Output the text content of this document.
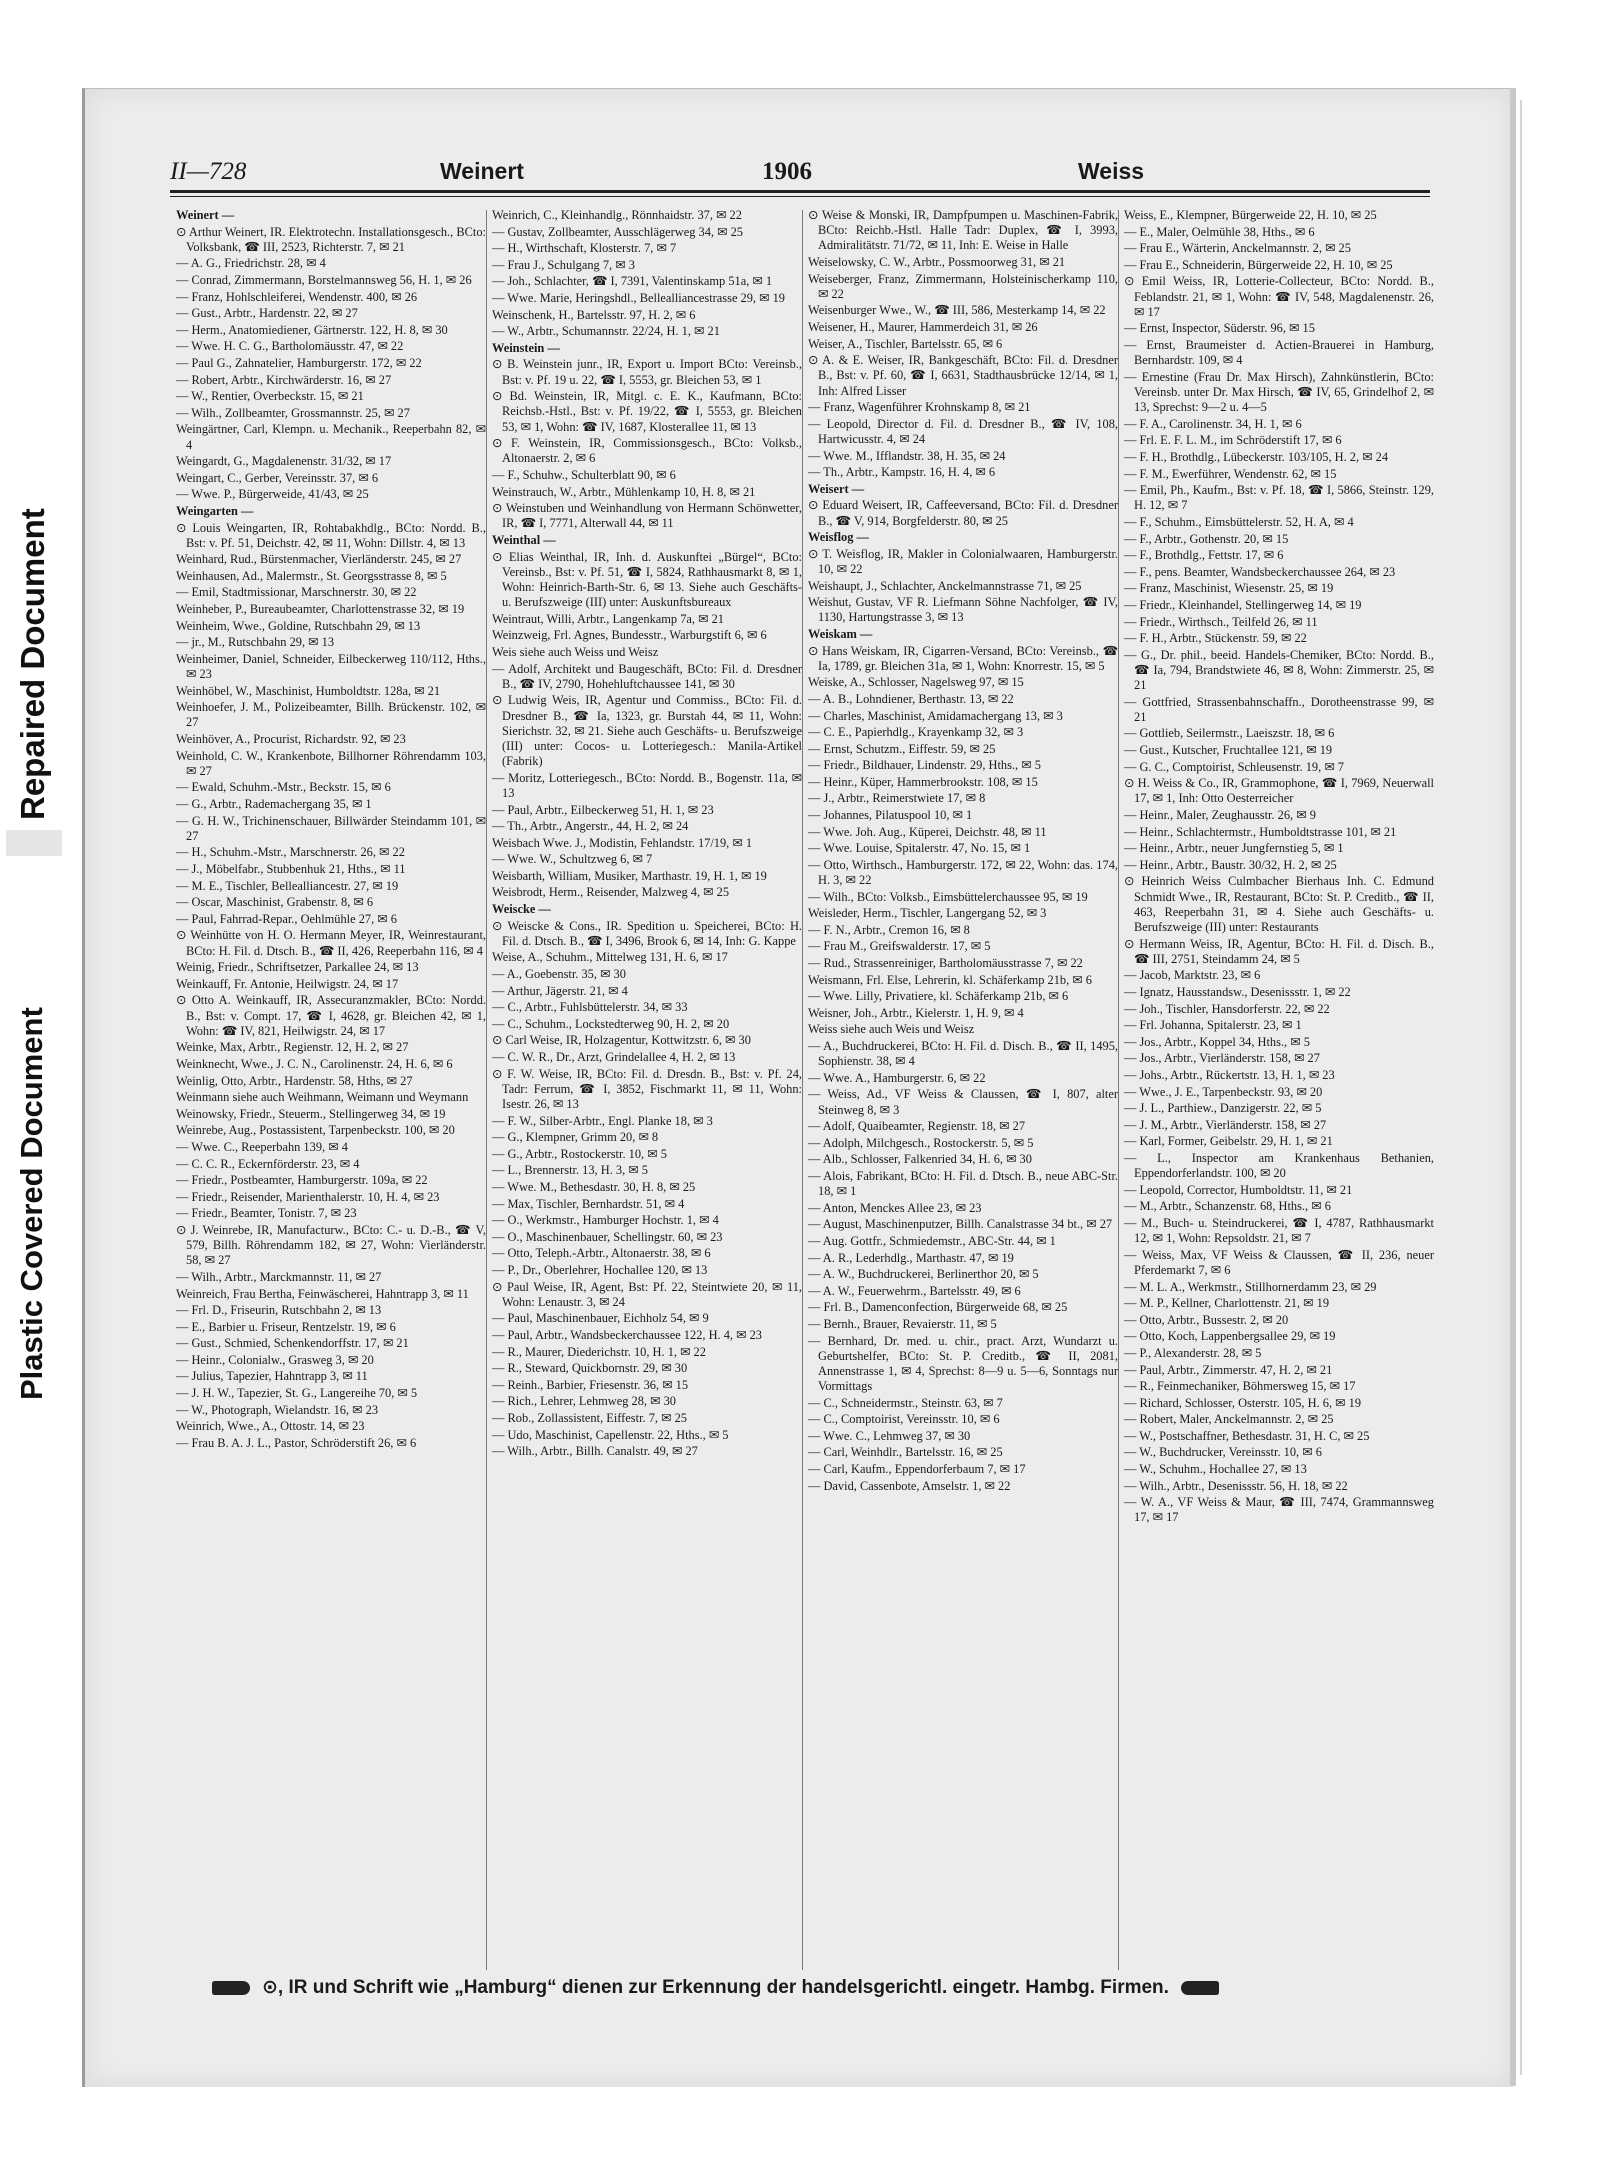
Repaired Document
Plastic Covered Document
II—728	Weinert	1906	Weiss
Weinert —
⊙ Arthur Weinert, IR. Elektrotechn. Installationsgesch., BCto: Volksbank, ☎ III, 2523, Richterstr. 7, ✉ 21
— A. G., Friedrichstr. 28, ✉ 4
— Conrad, Zimmermann, Borstelmannsweg 56, H. 1, ✉ 26
— Franz, Hohlschleiferei, Wendenstr. 400, ✉ 26
— Gust., Arbtr., Hardenstr. 22, ✉ 27
— Herm., Anatomiediener, Gärtnerstr. 122, H. 8, ✉ 30
— Wwe. H. C. G., Bartholomäusstr. 47, ✉ 22
— Paul G., Zahnatelier, Hamburgerstr. 172, ✉ 22
— Robert, Arbtr., Kirchwärderstr. 16, ✉ 27
— W., Rentier, Overbeckstr. 15, ✉ 21
— Wilh., Zollbeamter, Grossmannstr. 25, ✉ 27
Weingärtner, Carl, Klempn. u. Mechanik., Reeperbahn 82, ✉ 4
Weingardt, G., Magdalenenstr. 31/32, ✉ 17
Weingart, C., Gerber, Vereinsstr. 37, ✉ 6
— Wwe. P., Bürgerweide, 41/43, ✉ 25
Weingarten —
⊙ Louis Weingarten, IR, Rohtabakhdlg., BCto: Nordd. B., Bst: v. Pf. 51, Deichstr. 42, ✉ 11, Wohn: Dillstr. 4, ✉ 13
Weinhard, Rud., Bürstenmacher, Vierländerstr. 245, ✉ 27
Weinhausen, Ad., Malermstr., St. Georgsstrasse 8, ✉ 5
— Emil, Stadtmissionar, Marschnerstr. 30, ✉ 22
Weinheber, P., Bureaubeamter, Charlottenstrasse 32, ✉ 19
Weinheim, Wwe., Goldine, Rutschbahn 29, ✉ 13
— jr., M., Rutschbahn 29, ✉ 13
Weinheimer, Daniel, Schneider, Eilbeckerweg 110/112, Hths., ✉ 23
Weinhöbel, W., Maschinist, Humboldtstr. 128a, ✉ 21
Weinhoefer, J. M., Polizeibeamter, Billh. Brückenstr. 102, ✉ 27
Weinhöver, A., Procurist, Richardstr. 92, ✉ 23
Weinhold, C. W., Krankenbote, Billhorner Röhrendamm 103, ✉ 27
— Ewald, Schuhm.-Mstr., Beckstr. 15, ✉ 6
— G., Arbtr., Rademachergang 35, ✉ 1
— G. H. W., Trichinenschauer, Billwärder Steindamm 101, ✉ 27
— H., Schuhm.-Mstr., Marschnerstr. 26, ✉ 22
— J., Möbelfabr., Stubbenhuk 21, Hths., ✉ 11
— M. E., Tischler, Bellealliancestr. 27, ✉ 19
— Oscar, Maschinist, Grabenstr. 8, ✉ 6
— Paul, Fahrrad-Repar., Oehlmühle 27, ✉ 6
⊙ Weinhütte von H. O. Hermann Meyer, IR, Weinrestaurant, BCto: H. Fil. d. Dtsch. B., ☎ II, 426, Reeperbahn 116, ✉ 4
Weinig, Friedr., Schriftsetzer, Parkallee 24, ✉ 13
Weinkauff, Fr. Antonie, Heilwigstr. 24, ✉ 17
⊙ Otto A. Weinkauff, IR, Assecuranzmakler, BCto: Nordd. B., Bst: v. Compt. 17, ☎ I, 4628, gr. Bleichen 42, ✉ 1, Wohn: ☎ IV, 821, Heilwigstr. 24, ✉ 17
Weinke, Max, Arbtr., Regienstr. 12, H. 2, ✉ 27
Weinknecht, Wwe., J. C. N., Carolinenstr. 24, H. 6, ✉ 6
Weinlig, Otto, Arbtr., Hardenstr. 58, Hths, ✉ 27
Weinmann siehe auch Weihmann, Weimann und Weymann
Weinowsky, Friedr., Steuerm., Stellingerweg 34, ✉ 19
Weinrebe, Aug., Postassistent, Tarpenbeckstr. 100, ✉ 20
— Wwe. C., Reeperbahn 139, ✉ 4
— C. C. R., Eckernförderstr. 23, ✉ 4
— Friedr., Postbeamter, Hamburgerstr. 109a, ✉ 22
— Friedr., Reisender, Marienthalerstr. 10, H. 4, ✉ 23
— Friedr., Beamter, Tonistr. 7, ✉ 23
⊙ J. Weinrebe, IR, Manufacturw., BCto: C.- u. D.-B., ☎ V, 579, Billh. Röhrendamm 182, ✉ 27, Wohn: Vierländerstr. 58, ✉ 27
— Wilh., Arbtr., Marckmannstr. 11, ✉ 27
Weinreich, Frau Bertha, Feinwäscherei, Hahntrapp 3, ✉ 11
— Frl. D., Friseurin, Rutschbahn 2, ✉ 13
— E., Barbier u. Friseur, Rentzelstr. 19, ✉ 6
— Gust., Schmied, Schenkendorffstr. 17, ✉ 21
— Heinr., Colonialw., Grasweg 3, ✉ 20
— Julius, Tapezier, Hahntrapp 3, ✉ 11
— J. H. W., Tapezier, St. G., Langereihe 70, ✉ 5
— W., Photograph, Wielandstr. 16, ✉ 23
Weinrich, Wwe., A., Ottostr. 14, ✉ 23
— Frau B. A. J. L., Pastor, Schröderstift 26, ✉ 6
Weinrich, C., Kleinhandlg., Rönnhaidstr. 37, ✉ 22
— Gustav, Zollbeamter, Ausschlägerweg 34, ✉ 25
— H., Wirthschaft, Klosterstr. 7, ✉ 7
— Frau J., Schulgang 7, ✉ 3
— Joh., Schlachter, ☎ I, 7391, Valentinskamp 51a, ✉ 1
— Wwe. Marie, Heringshdl., Bellealliancestrasse 29, ✉ 19
Weinschenk, H., Bartelsstr. 97, H. 2, ✉ 6
— W., Arbtr., Schumannstr. 22/24, H. 1, ✉ 21
Weinstein —
⊙ B. Weinstein junr., IR, Export u. Import BCto: Vereinsb., Bst: v. Pf. 19 u. 22, ☎ I, 5553, gr. Bleichen 53, ✉ 1
⊙ Bd. Weinstein, IR, Mitgl. c. E. K., Kaufmann, BCto: Reichsb.-Hstl., Bst: v. Pf. 19/22, ☎ I, 5553, gr. Bleichen 53, ✉ 1, Wohn: ☎ IV, 1687, Klosterallee 11, ✉ 13
⊙ F. Weinstein, IR, Commissionsgesch., BCto: Volksb., Altonaerstr. 2, ✉ 6
— F., Schuhw., Schulterblatt 90, ✉ 6
Weinstrauch, W., Arbtr., Mühlenkamp 10, H. 8, ✉ 21
⊙ Weinstuben und Weinhandlung von Hermann Schönwetter, IR, ☎ I, 7771, Alterwall 44, ✉ 11
Weinthal —
⊙ Elias Weinthal, IR, Inh. d. Auskunftei „Bürgel“, BCto: Vereinsb., Bst: v. Pf. 51, ☎ I, 5824, Rathhausmarkt 8, ✉ 1, Wohn: Heinrich-Barth-Str. 6, ✉ 13. Siehe auch Geschäfts- u. Berufszweige (III) unter: Auskunftsbureaux
Weintraut, Willi, Arbtr., Langenkamp 7a, ✉ 21
Weinzweig, Frl. Agnes, Bundesstr., Warburgstift 6, ✉ 6
Weis siehe auch Weiss und Weisz
— Adolf, Architekt und Baugeschäft, BCto: Fil. d. Dresdner B., ☎ IV, 2790, Hohehluftchaussee 141, ✉ 30
⊙ Ludwig Weis, IR, Agentur und Commiss., BCto: Fil. d. Dresdner B., ☎ Ia, 1323, gr. Burstah 44, ✉ 11, Wohn: Sierichstr. 32, ✉ 21. Siehe auch Geschäfts- u. Berufszweige (III) unter: Cocos- u. Lotteriegesch.: Manila-Artikel (Fabrik)
— Moritz, Lotteriegesch., BCto: Nordd. B., Bogenstr. 11a, ✉ 13
— Paul, Arbtr., Eilbeckerweg 51, H. 1, ✉ 23
— Th., Arbtr., Angerstr., 44, H. 2, ✉ 24
Weisbach Wwe. J., Modistin, Fehlandstr. 17/19, ✉ 1
— Wwe. W., Schultzweg 6, ✉ 7
Weisbarth, William, Musiker, Marthastr. 19, H. 1, ✉ 19
Weisbrodt, Herm., Reisender, Malzweg 4, ✉ 25
Weiscke —
⊙ Weiscke & Cons., IR. Spedition u. Speicherei, BCto: H. Fil. d. Dtsch. B., ☎ I, 3496, Brook 6, ✉ 14, Inh: G. Kappe
Weise, A., Schuhm., Mittelweg 131, H. 6, ✉ 17
— A., Goebenstr. 35, ✉ 30
— Arthur, Jägerstr. 21, ✉ 4
— C., Arbtr., Fuhlsbüttelerstr. 34, ✉ 33
— C., Schuhm., Lockstedterweg 90, H. 2, ✉ 20
⊙ Carl Weise, IR, Holzagentur, Kottwitzstr. 6, ✉ 30
— C. W. R., Dr., Arzt, Grindelallee 4, H. 2, ✉ 13
⊙ F. W. Weise, IR, BCto: Fil. d. Dresdn. B., Bst: v. Pf. 24, Tadr: Ferrum, ☎ I, 3852, Fischmarkt 11, ✉ 11, Wohn: Isestr. 26, ✉ 13
— F. W., Silber-Arbtr., Engl. Planke 18, ✉ 3
— G., Klempner, Grimm 20, ✉ 8
— G., Arbtr., Rostockerstr. 10, ✉ 5
— L., Brennerstr. 13, H. 3, ✉ 5
— Wwe. M., Bethesdastr. 30, H. 8, ✉ 25
— Max, Tischler, Bernhardstr. 51, ✉ 4
— O., Werkmstr., Hamburger Hochstr. 1, ✉ 4
— O., Maschinenbauer, Schellingstr. 60, ✉ 23
— Otto, Teleph.-Arbtr., Altonaerstr. 38, ✉ 6
— P., Dr., Oberlehrer, Hochallee 120, ✉ 13
⊙ Paul Weise, IR, Agent, Bst: Pf. 22, Steintwiete 20, ✉ 11, Wohn: Lenaustr. 3, ✉ 24
— Paul, Maschinenbauer, Eichholz 54, ✉ 9
— Paul, Arbtr., Wandsbeckerchaussee 122, H. 4, ✉ 23
— R., Maurer, Diederichstr. 10, H. 1, ✉ 22
— R., Steward, Quickbornstr. 29, ✉ 30
— Reinh., Barbier, Friesenstr. 36, ✉ 15
— Rich., Lehrer, Lehmweg 28, ✉ 30
— Rob., Zollassistent, Eiffestr. 7, ✉ 25
— Udo, Maschinist, Capellenstr. 22, Hths., ✉ 5
— Wilh., Arbtr., Billh. Canalstr. 49, ✉ 27
⊙ Weise & Monski, IR, Dampfpumpen u. Maschinen-Fabrik, BCto: Reichb.-Hstl. Halle Tadr: Duplex, ☎ I, 3993, Admiralitätstr. 71/72, ✉ 11, Inh: E. Weise in Halle
Weiselowsky, C. W., Arbtr., Possmoorweg 31, ✉ 21
Weiseberger, Franz, Zimmermann, Holsteinischerkamp 110, ✉ 22
Weisenburger Wwe., W., ☎ III, 586, Mesterkamp 14, ✉ 22
Weisener, H., Maurer, Hammerdeich 31, ✉ 26
Weiser, A., Tischler, Bartelsstr. 65, ✉ 6
⊙ A. & E. Weiser, IR, Bankgeschäft, BCto: Fil. d. Dresdner B., Bst: v. Pf. 60, ☎ I, 6631, Stadthausbrücke 12/14, ✉ 1, Inh: Alfred Lisser
— Franz, Wagenführer Krohnskamp 8, ✉ 21
— Leopold, Director d. Fil. d. Dresdner B., ☎ IV, 108, Hartwicusstr. 4, ✉ 24
— Wwe. M., Ifflandstr. 38, H. 35, ✉ 24
— Th., Arbtr., Kampstr. 16, H. 4, ✉ 6
Weisert —
⊙ Eduard Weisert, IR, Caffeeversand, BCto: Fil. d. Dresdner B., ☎ V, 914, Borgfelderstr. 80, ✉ 25
Weisflog —
⊙ T. Weisflog, IR, Makler in Colonialwaaren, Hamburgerstr. 10, ✉ 22
Weishaupt, J., Schlachter, Anckelmannstrasse 71, ✉ 25
Weishut, Gustav, VF R. Liefmann Söhne Nachfolger, ☎ IV, 1130, Hartungstrasse 3, ✉ 13
Weiskam —
⊙ Hans Weiskam, IR, Cigarren-Versand, BCto: Vereinsb., ☎ Ia, 1789, gr. Bleichen 31a, ✉ 1, Wohn: Knorrestr. 15, ✉ 5
Weiske, A., Schlosser, Nagelsweg 97, ✉ 15
— A. B., Lohndiener, Berthastr. 13, ✉ 22
— Charles, Maschinist, Amidamachergang 13, ✉ 3
— C. E., Papierhdlg., Krayenkamp 32, ✉ 3
— Ernst, Schutzm., Eiffestr. 59, ✉ 25
— Friedr., Bildhauer, Lindenstr. 29, Hths., ✉ 5
— Heinr., Küper, Hammerbrookstr. 108, ✉ 15
— J., Arbtr., Reimerstwiete 17, ✉ 8
— Johannes, Pilatuspool 10, ✉ 1
— Wwe. Joh. Aug., Küperei, Deichstr. 48, ✉ 11
— Wwe. Louise, Spitalerstr. 47, No. 15, ✉ 1
— Otto, Wirthsch., Hamburgerstr. 172, ✉ 22, Wohn: das. 174, H. 3, ✉ 22
— Wilh., BCto: Volksb., Eimsbüttelerchaussee 95, ✉ 19
Weisleder, Herm., Tischler, Langergang 52, ✉ 3
— F. N., Arbtr., Cremon 16, ✉ 8
— Frau M., Greifswalderstr. 17, ✉ 5
— Rud., Strassenreiniger, Bartholomäusstrasse 7, ✉ 22
Weismann, Frl. Else, Lehrerin, kl. Schäferkamp 21b, ✉ 6
— Wwe. Lilly, Privatiere, kl. Schäferkamp 21b, ✉ 6
Weisner, Joh., Arbtr., Kielerstr. 1, H. 9, ✉ 4
Weiss siehe auch Weis und Weisz
— A., Buchdruckerei, BCto: H. Fil. d. Disch. B., ☎ II, 1495, Sophienstr. 38, ✉ 4
— Wwe. A., Hamburgerstr. 6, ✉ 22
— Weiss, Ad., VF Weiss & Claussen, ☎ I, 807, alter Steinweg 8, ✉ 3
— Adolf, Quaibeamter, Regienstr. 18, ✉ 27
— Adolph, Milchgesch., Rostockerstr. 5, ✉ 5
— Alb., Schlosser, Falkenried 34, H. 6, ✉ 30
— Alois, Fabrikant, BCto: H. Fil. d. Dtsch. B., neue ABC-Str. 18, ✉ 1
— Anton, Menckes Allee 23, ✉ 23
— August, Maschinenputzer, Billh. Canalstrasse 34 bt., ✉ 27
— Aug. Gottfr., Schmiedemstr., ABC-Str. 44, ✉ 1
— A. R., Lederhdlg., Marthastr. 47, ✉ 19
— A. W., Buchdruckerei, Berlinerthor 20, ✉ 5
— A. W., Feuerwehrm., Bartelsstr. 49, ✉ 6
— Frl. B., Damenconfection, Bürgerweide 68, ✉ 25
— Bernh., Brauer, Revaierstr. 11, ✉ 5
— Bernhard, Dr. med. u. chir., pract. Arzt, Wundarzt u. Geburtshelfer, BCto: St. P. Creditb., ☎ II, 2081, Annenstrasse 1, ✉ 4, Sprechst: 8—9 u. 5—6, Sonntags nur Vormittags
— C., Schneidermstr., Steinstr. 63, ✉ 7
— C., Comptoirist, Vereinsstr. 10, ✉ 6
— Wwe. C., Lehmweg 37, ✉ 30
— Carl, Weinhdlr., Bartelsstr. 16, ✉ 25
— Carl, Kaufm., Eppendorferbaum 7, ✉ 17
— David, Cassenbote, Amselstr. 1, ✉ 22
Weiss, E., Klempner, Bürgerweide 22, H. 10, ✉ 25
— E., Maler, Oelmühle 38, Hths., ✉ 6
— Frau E., Wärterin, Anckelmannstr. 2, ✉ 25
— Frau E., Schneiderin, Bürgerweide 22, H. 10, ✉ 25
⊙ Emil Weiss, IR, Lotterie-Collecteur, BCto: Nordd. B., Feblandstr. 21, ✉ 1, Wohn: ☎ IV, 548, Magdalenenstr. 26, ✉ 17
— Ernst, Inspector, Süderstr. 96, ✉ 15
— Ernst, Braumeister d. Actien-Brauerei in Hamburg, Bernhardstr. 109, ✉ 4
— Ernestine (Frau Dr. Max Hirsch), Zahnkünstlerin, BCto: Vereinsb. unter Dr. Max Hirsch, ☎ IV, 65, Grindelhof 2, ✉ 13, Sprechst: 9—2 u. 4—5
— F. A., Carolinenstr. 34, H. 1, ✉ 6
— Frl. E. F. L. M., im Schröderstift 17, ✉ 6
— F. H., Brothdlg., Lübeckerstr. 103/105, H. 2, ✉ 24
— F. M., Ewerführer, Wendenstr. 62, ✉ 15
— Emil, Ph., Kaufm., Bst: v. Pf. 18, ☎ I, 5866, Steinstr. 129, H. 12, ✉ 7
— F., Schuhm., Eimsbüttelerstr. 52, H. A, ✉ 4
— F., Arbtr., Gothenstr. 20, ✉ 15
— F., Brothdlg., Fettstr. 17, ✉ 6
— F., pens. Beamter, Wandsbeckerchaussee 264, ✉ 23
— Franz, Maschinist, Wiesenstr. 25, ✉ 19
— Friedr., Kleinhandel, Stellingerweg 14, ✉ 19
— Friedr., Wirthsch., Teilfeld 26, ✉ 11
— F. H., Arbtr., Stückenstr. 59, ✉ 22
— G., Dr. phil., beeid. Handels-Chemiker, BCto: Nordd. B., ☎ Ia, 794, Brandstwiete 46, ✉ 8, Wohn: Zimmerstr. 25, ✉ 21
— Gottfried, Strassenbahnschaffn., Dorotheenstrasse 99, ✉ 21
— Gottlieb, Seilermstr., Laeiszstr. 18, ✉ 6
— Gust., Kutscher, Fruchtallee 121, ✉ 19
— G. C., Comptoirist, Schleusenstr. 19, ✉ 7
⊙ H. Weiss & Co., IR, Grammophone, ☎ I, 7969, Neuerwall 17, ✉ 1, Inh: Otto Oesterreicher
— Heinr., Maler, Zeughausstr. 26, ✉ 9
— Heinr., Schlachtermstr., Humboldtstrasse 101, ✉ 21
— Heinr., Arbtr., neuer Jungfernstieg 5, ✉ 1
— Heinr., Arbtr., Baustr. 30/32, H. 2, ✉ 25
⊙ Heinrich Weiss Culmbacher Bierhaus Inh. C. Edmund Schmidt Wwe., IR, Restaurant, BCto: St. P. Creditb., ☎ II, 463, Reeperbahn 31, ✉ 4. Siehe auch Geschäfts- u. Berufszweige (III) unter: Restaurants
⊙ Hermann Weiss, IR, Agentur, BCto: H. Fil. d. Disch. B., ☎ III, 2751, Steindamm 24, ✉ 5
— Jacob, Marktstr. 23, ✉ 6
— Ignatz, Hausstandsw., Desenissstr. 1, ✉ 22
— Joh., Tischler, Hansdorferstr. 22, ✉ 22
— Frl. Johanna, Spitalerstr. 23, ✉ 1
— Jos., Arbtr., Koppel 34, Hths., ✉ 5
— Jos., Arbtr., Vierländerstr. 158, ✉ 27
— Johs., Arbtr., Rückertstr. 13, H. 1, ✉ 23
— Wwe., J. E., Tarpenbeckstr. 93, ✉ 20
— J. L., Parthiew., Danzigerstr. 22, ✉ 5
— J. M., Arbtr., Vierländerstr. 158, ✉ 27
— Karl, Former, Geibelstr. 29, H. 1, ✉ 21
— L., Inspector am Krankenhaus Bethanien, Eppendorferlandstr. 100, ✉ 20
— Leopold, Corrector, Humboldtstr. 11, ✉ 21
— M., Arbtr., Schanzenstr. 68, Hths., ✉ 6
— M., Buch- u. Steindruckerei, ☎ I, 4787, Rathhausmarkt 12, ✉ 1, Wohn: Repsoldstr. 21, ✉ 7
— Weiss, Max, VF Weiss & Claussen, ☎ II, 236, neuer Pferdemarkt 7, ✉ 6
— M. L. A., Werkmstr., Stillhornerdamm 23, ✉ 29
— M. P., Kellner, Charlottenstr. 21, ✉ 19
— Otto, Arbtr., Bussestr. 2, ✉ 20
— Otto, Koch, Lappenbergsallee 29, ✉ 19
— P., Alexanderstr. 28, ✉ 5
— Paul, Arbtr., Zimmerstr. 47, H. 2, ✉ 21
— R., Feinmechaniker, Böhmersweg 15, ✉ 17
— Richard, Schlosser, Osterstr. 105, H. 6, ✉ 19
— Robert, Maler, Anckelmannstr. 2, ✉ 25
— W., Postschaffner, Bethesdastr. 31, H. C, ✉ 25
— W., Buchdrucker, Vereinsstr. 10, ✉ 6
— W., Schuhm., Hochallee 27, ✉ 13
— Wilh., Arbtr., Desenissstr. 56, H. 18, ✉ 22
— W. A., VF Weiss & Maur, ☎ III, 7474, Grammannsweg 17, ✉ 17
⊙, IR und Schrift wie „Hamburg“ dienen zur Erkennung der handelsgerichtl. eingetr. Hambg. Firmen.
